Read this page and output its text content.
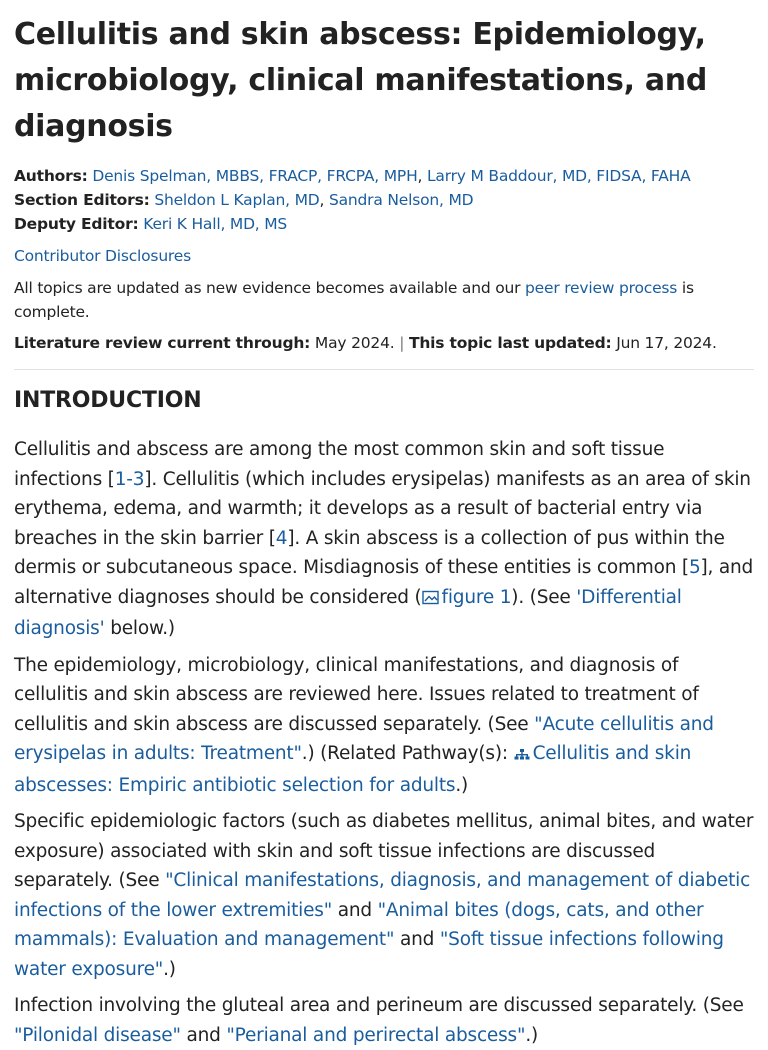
Cellulitis and skin abscess: Epidemiology, microbiology, clinical manifestations, and diagnosis
Authors: Denis Spelman, MBBS, FRACP, FRCPA, MPH, Larry M Baddour, MD, FIDSA, FAHA
Section Editors: Sheldon L Kaplan, MD, Sandra Nelson, MD
Deputy Editor: Keri K Hall, MD, MS
Contributor Disclosures
All topics are updated as new evidence becomes available and our peer review process is complete.
Literature review current through: May 2024. | This topic last updated: Jun 17, 2024.
INTRODUCTION

Cellulitis and abscess are among the most common skin and soft tissue infections [1-3]. Cellulitis (which includes erysipelas) manifests as an area of skin erythema, edema, and warmth; it develops as a result of bacterial entry via breaches in the skin barrier [4]. A skin abscess is a collection of pus within the dermis or subcutaneous space. Misdiagnosis of these entities is common [5], and alternative diagnoses should be considered ( figure 1). (See 'Differential diagnosis' below.)

The epidemiology, microbiology, clinical manifestations, and diagnosis of cellulitis and skin abscess are reviewed here. Issues related to treatment of cellulitis and skin abscess are discussed separately. (See "Acute cellulitis and erysipelas in adults: Treatment".) (Related Pathway(s): Cellulitis and skin abscesses: Empiric antibiotic selection for adults.)

Specific epidemiologic factors (such as diabetes mellitus, animal bites, and water exposure) associated with skin and soft tissue infections are discussed separately. (See "Clinical manifestations, diagnosis, and management of diabetic infections of the lower extremities" and "Animal bites (dogs, cats, and other mammals): Evaluation and management" and "Soft tissue infections following water exposure".)

Infection involving the gluteal area and perineum are discussed separately. (See "Pilonidal disease" and "Perianal and perirectal abscess".)
